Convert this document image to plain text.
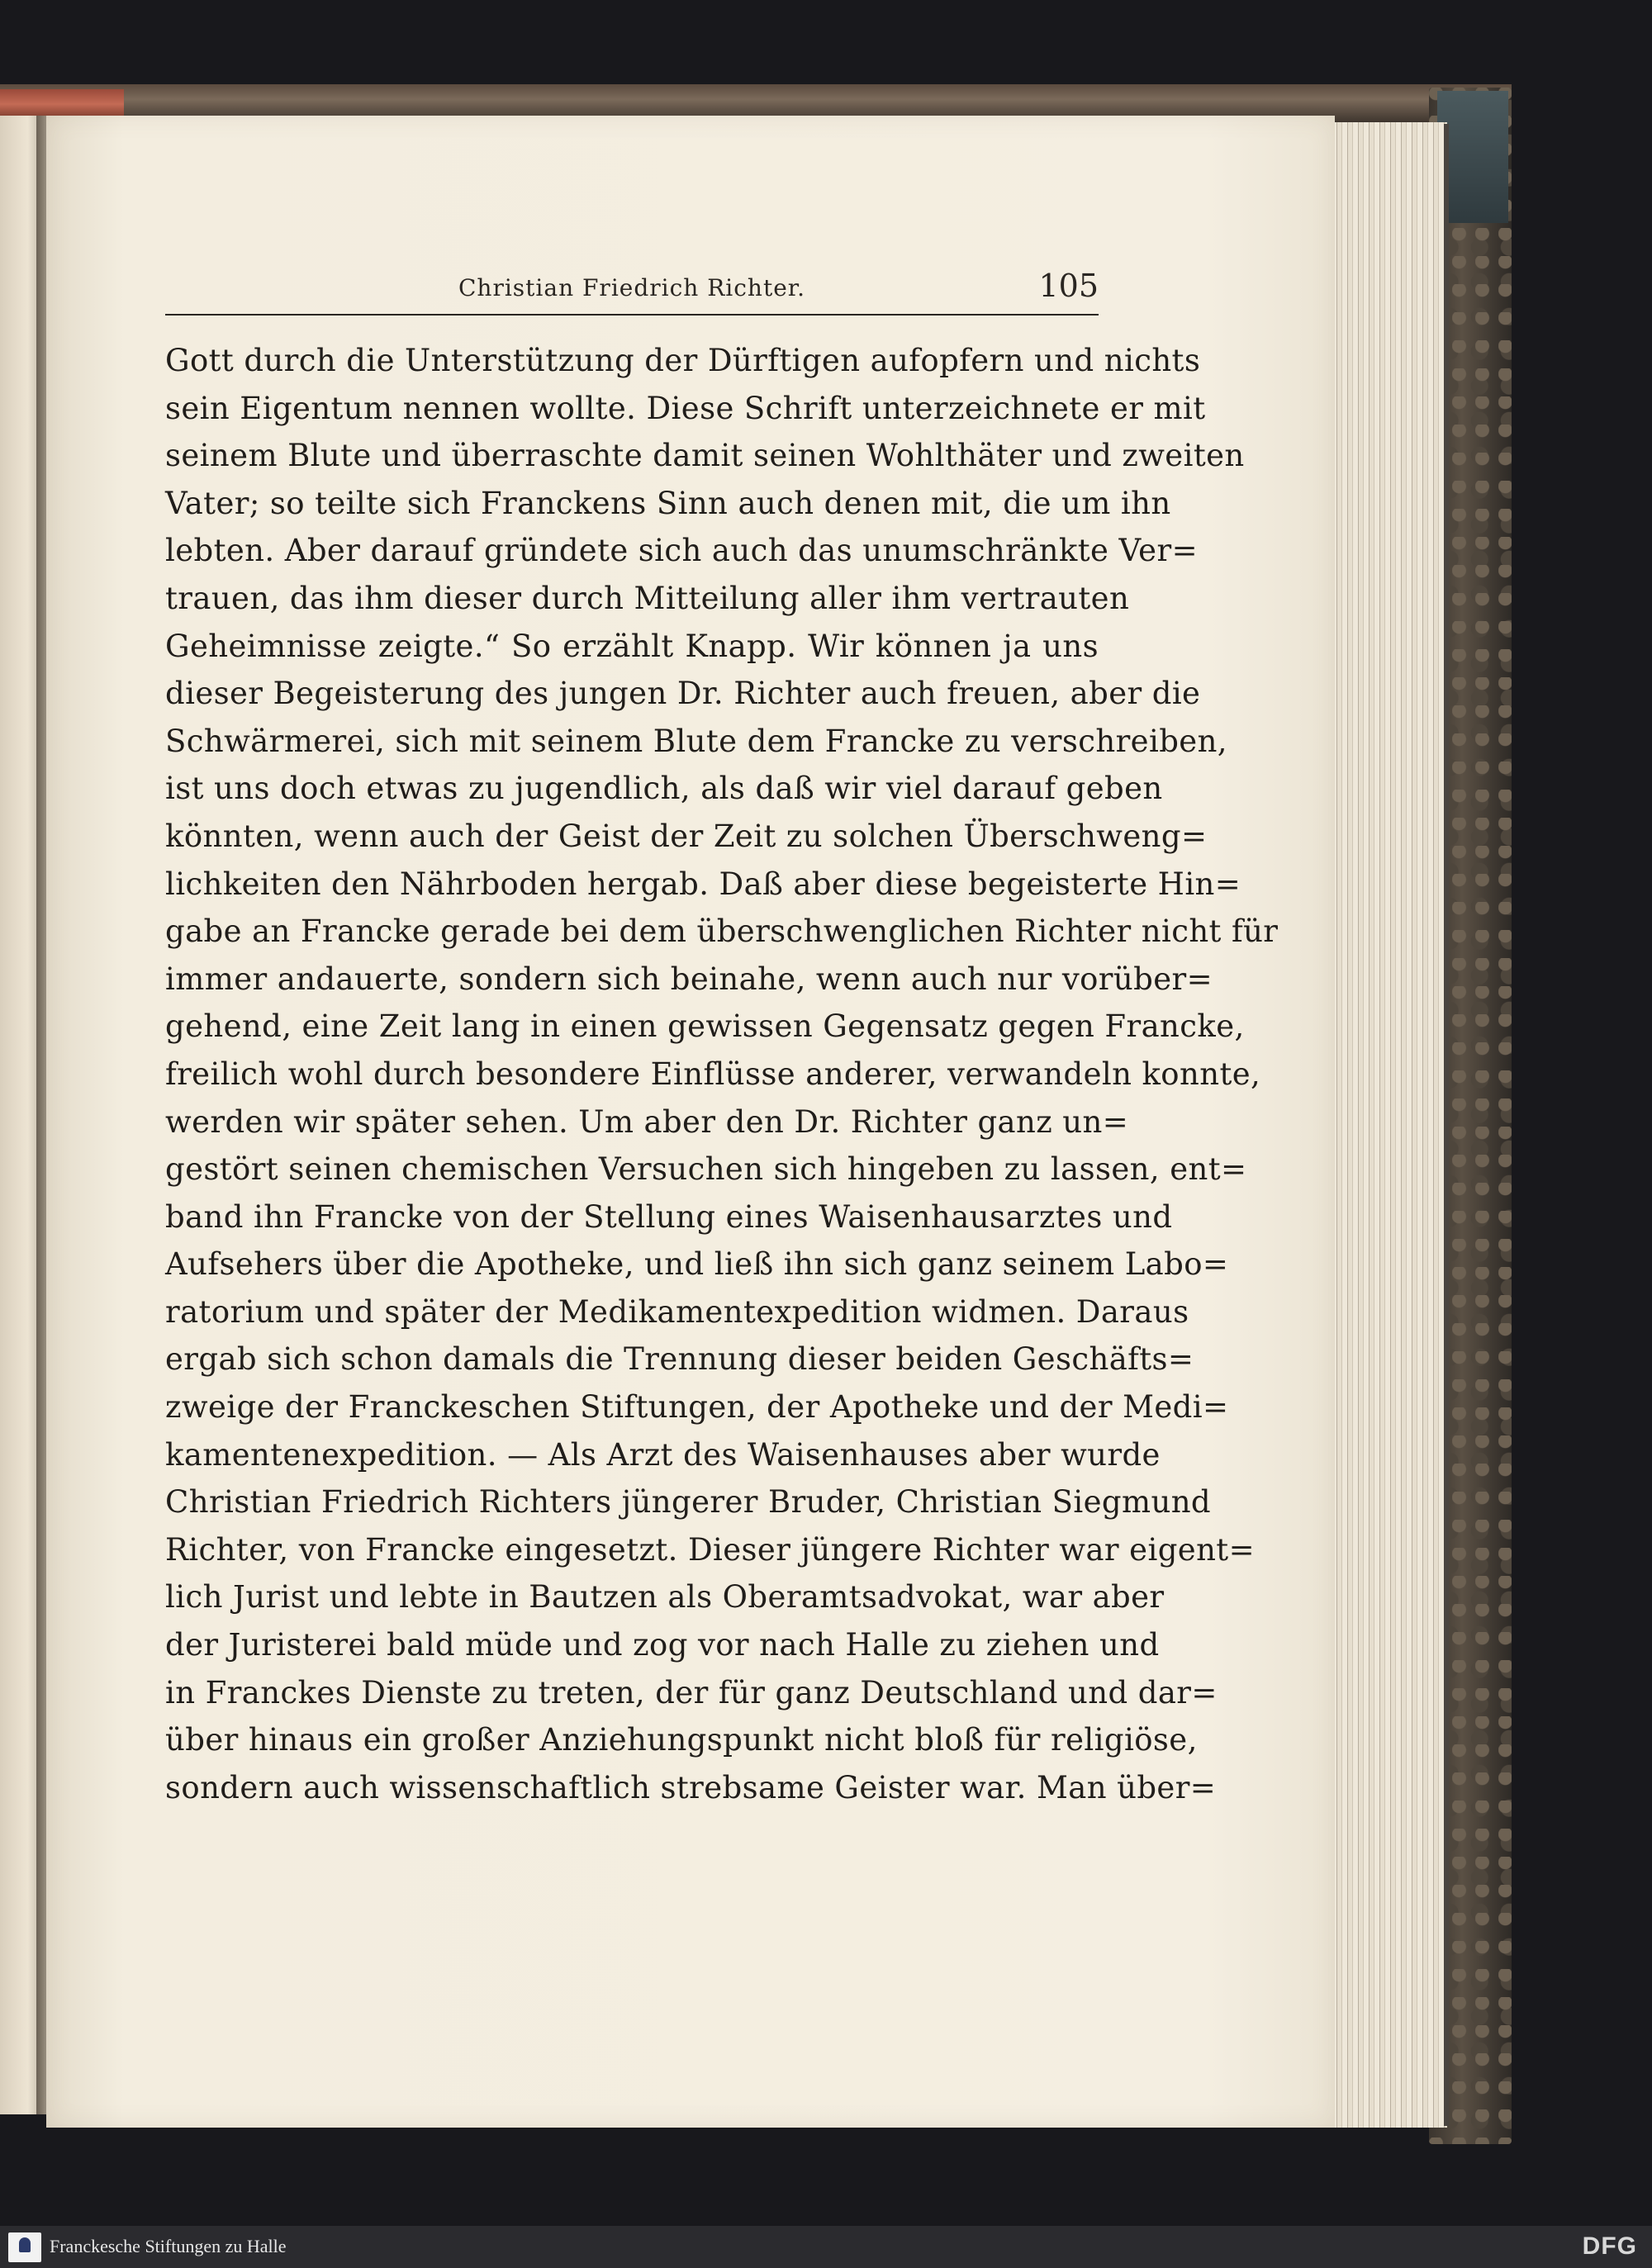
Christian Friedrich Richter.	105
Gott durch die Unterstützung der Dürftigen aufopfern und nichts
sein Eigentum nennen wollte. Diese Schrift unterzeichnete er mit
seinem Blute und überraschte damit seinen Wohlthäter und zweiten
Vater; so teilte sich Franckens Sinn auch denen mit, die um ihn
lebten. Aber darauf gründete sich auch das unumschränkte Ver=
trauen, das ihm dieser durch Mitteilung aller ihm vertrauten
Geheimnisse zeigte.“ So erzählt Knapp. Wir können ja uns
dieser Begeisterung des jungen Dr. Richter auch freuen, aber die
Schwärmerei, sich mit seinem Blute dem Francke zu verschreiben,
ist uns doch etwas zu jugendlich, als daß wir viel darauf geben
könnten, wenn auch der Geist der Zeit zu solchen Überschweng=
lichkeiten den Nährboden hergab. Daß aber diese begeisterte Hin=
gabe an Francke gerade bei dem überschwenglichen Richter nicht für
immer andauerte, sondern sich beinahe, wenn auch nur vorüber=
gehend, eine Zeit lang in einen gewissen Gegensatz gegen Francke,
freilich wohl durch besondere Einflüsse anderer, verwandeln konnte,
werden wir später sehen. Um aber den Dr. Richter ganz un=
gestört seinen chemischen Versuchen sich hingeben zu lassen, ent=
band ihn Francke von der Stellung eines Waisenhausarztes und
Aufsehers über die Apotheke, und ließ ihn sich ganz seinem Labo=
ratorium und später der Medikamentexpedition widmen. Daraus
ergab sich schon damals die Trennung dieser beiden Geschäfts=
zweige der Franckeschen Stiftungen, der Apotheke und der Medi=
kamentenexpedition. — Als Arzt des Waisenhauses aber wurde
Christian Friedrich Richters jüngerer Bruder, Christian Siegmund
Richter, von Francke eingesetzt. Dieser jüngere Richter war eigent=
lich Jurist und lebte in Bautzen als Oberamtsadvokat, war aber
der Juristerei bald müde und zog vor nach Halle zu ziehen und
in Franckes Dienste zu treten, der für ganz Deutschland und dar=
über hinaus ein großer Anziehungspunkt nicht bloß für religiöse,
sondern auch wissenschaftlich strebsame Geister war. Man über=
Franckesche Stiftungen zu Halle	DFG
